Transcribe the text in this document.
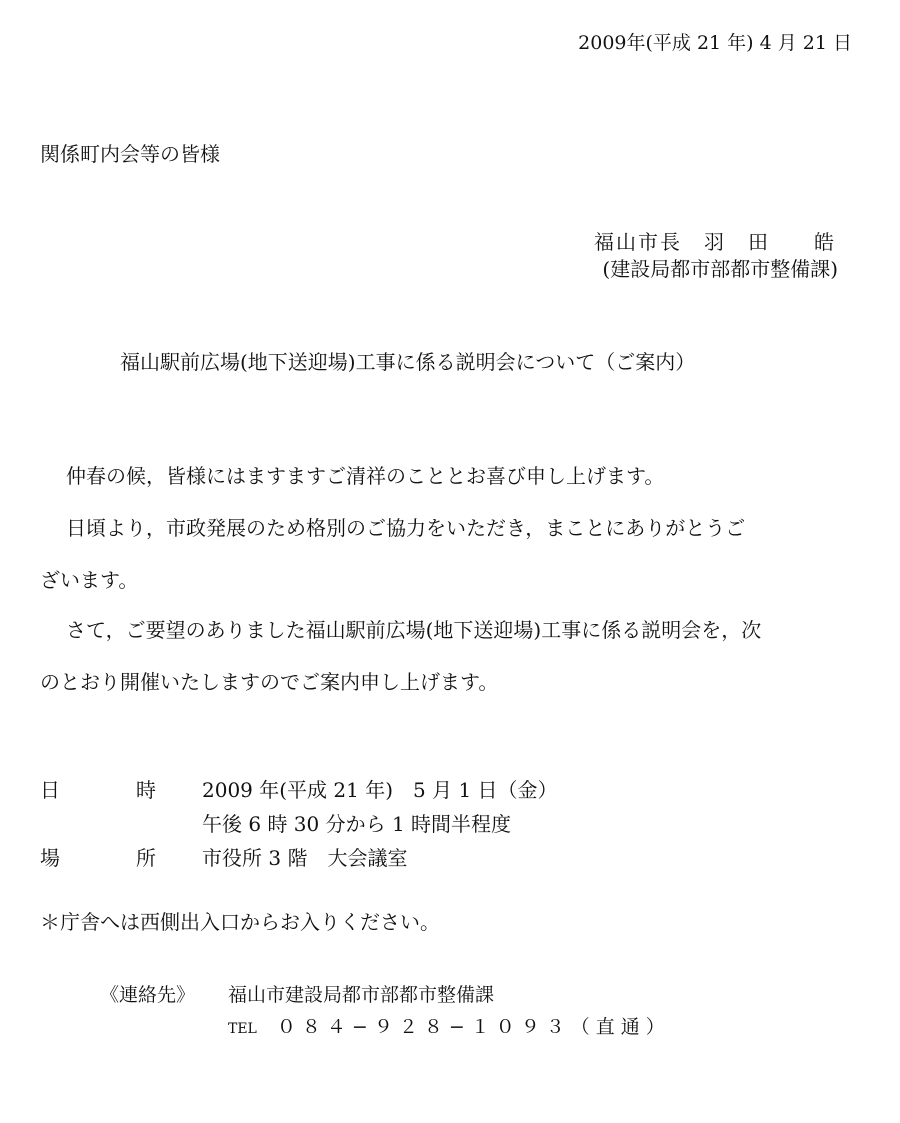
2009年(平成 21 年) 4 月 21 日
関係町内会等の皆様
福山市長　羽　田　　皓
(建設局都市部都市整備課)
福山駅前広場(地下送迎場)工事に係る説明会について（ご案内）
仲春の候，皆様にはますますご清祥のこととお喜び申し上げます。
日頃より，市政発展のため格別のご協力をいただき，まことにありがとうご
ざいます。
さて，ご要望のありました福山駅前広場(地下送迎場)工事に係る説明会を，次
のとおり開催いたしますのでご案内申し上げます。
日	時 2009 年(平成 21 年)　5 月 1 日（金）
午後 6 時 30 分から 1 時間半程度
場	所 市役所 3 階　大会議室
＊庁舎へは西側出入口からお入りください。
《連絡先》 福山市建設局都市部都市整備課
TEL ０８４−９２８−１０９３（直通）
